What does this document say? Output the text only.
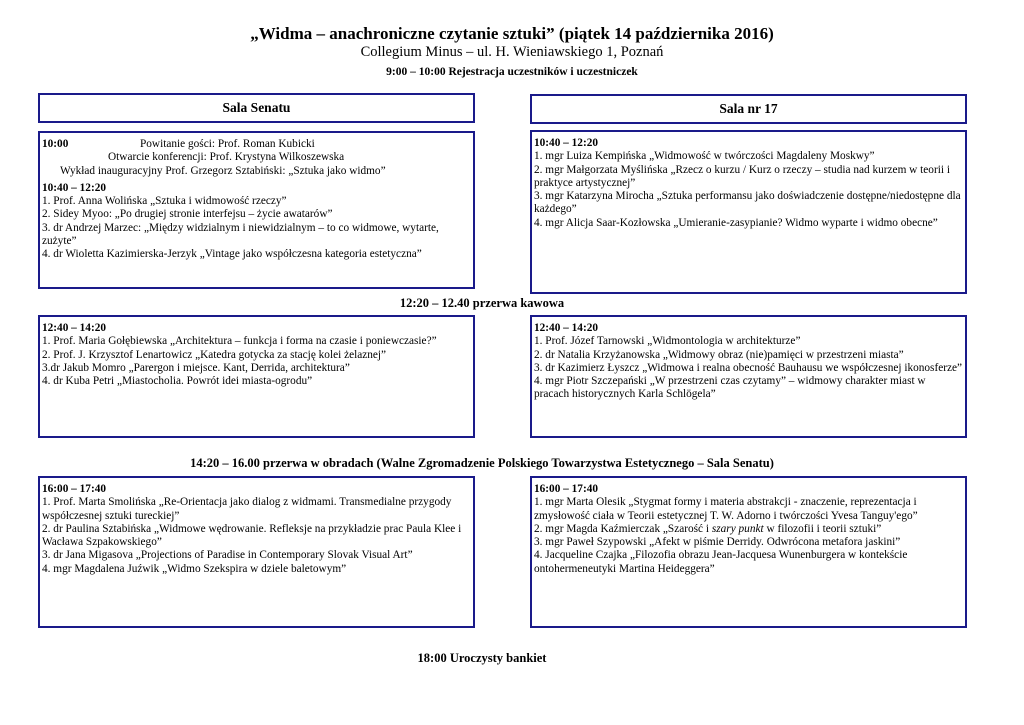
„Widma – anachroniczne czytanie sztuki” (piątek 14 października 2016)
Collegium Minus – ul. H. Wieniawskiego 1, Poznań
9:00 – 10:00 Rejestracja uczestników i uczestniczek
Sala Senatu	Sala nr 17
10:00	Powitanie gości: Prof. Roman Kubicki
Otwarcie konferencji: Prof. Krystyna Wilkoszewska
Wykład inauguracyjny Prof. Grzegorz Sztabiński: „Sztuka jako widmo”
10:40 – 12:20
1. Prof. Anna Wolińska „Sztuka i widmowość rzeczy”
2. Sidey Myoo: „Po drugiej stronie interfejsu – życie awatarów”
3. dr Andrzej Marzec: „Między widzialnym i niewidzialnym – to co widmowe, wytarte, zużyte”
4. dr Wioletta Kazimierska-Jerzyk „Vintage jako współczesna kategoria estetyczna”
10:40 – 12:20
1. mgr Luiza Kempińska „Widmowość w twórczości Magdaleny Moskwy”
2. mgr Małgorzata Myślińska „Rzecz o kurzu / Kurz o rzeczy – studia nad kurzem w teorii i praktyce artystycznej”
3. mgr Katarzyna Mirocha „Sztuka performansu jako doświadczenie dostępne/niedostępne dla każdego”
4. mgr Alicja Saar-Kozłowska „Umieranie-zasypianie? Widmo wyparte i widmo obecne”
12:20 – 12.40 przerwa kawowa
12:40 – 14:20
1. Prof. Maria Gołębiewska „Architektura – funkcja i forma na czasie i poniewczasie?”
2. Prof. J. Krzysztof Lenartowicz „Katedra gotycka za stację kolei żelaznej”
3.dr Jakub Momro „Parergon i miejsce. Kant, Derrida, architektura”
4. dr Kuba Petri „Miastocholia. Powrót idei miasta-ogrodu”
12:40 – 14:20
1. Prof. Józef Tarnowski „Widmontologia w architekturze”
2. dr Natalia Krzyżanowska „Widmowy obraz (nie)pamięci w przestrzeni miasta”
3. dr Kazimierz Łyszcz „Widmowa i realna obecność Bauhausu we współczesnej ikonosferze”
4. mgr Piotr Szczepański „W przestrzeni czas czytamy” – widmowy charakter miast w pracach historycznych Karla Schlögela”
14:20 – 16.00 przerwa w obradach (Walne Zgromadzenie Polskiego Towarzystwa Estetycznego – Sala Senatu)
16:00 – 17:40
1. Prof. Marta Smolińska „Re-Orientacja jako dialog z widmami. Transmedialne przygody współczesnej sztuki tureckiej”
2. dr Paulina Sztabińska „Widmowe wędrowanie. Refleksje na przykładzie prac Paula Klee i Wacława Szpakowskiego”
3. dr Jana Migasova „Projections of Paradise in Contemporary Slovak Visual Art”
4. mgr Magdalena Juźwik „Widmo Szekspira w dziele baletowym”
16:00 – 17:40
1. mgr Marta Olesik „Stygmat formy i materia abstrakcji - znaczenie, reprezentacja i zmysłowość ciała w Teorii estetycznej T. W. Adorno i twórczości Yvesa Tanguy'ego”
2. mgr Magda Kaźmierczak „Szarość i szary punkt w filozofii i teorii sztuki”
3. mgr Paweł Szypowski „Afekt w piśmie Derridy. Odwrócona metafora jaskini”
4. Jacqueline Czajka „Filozofia obrazu Jean-Jacquesa Wunenburgera w kontekście ontohermeneutyki Martina Heideggera”
18:00 Uroczysty bankiet
